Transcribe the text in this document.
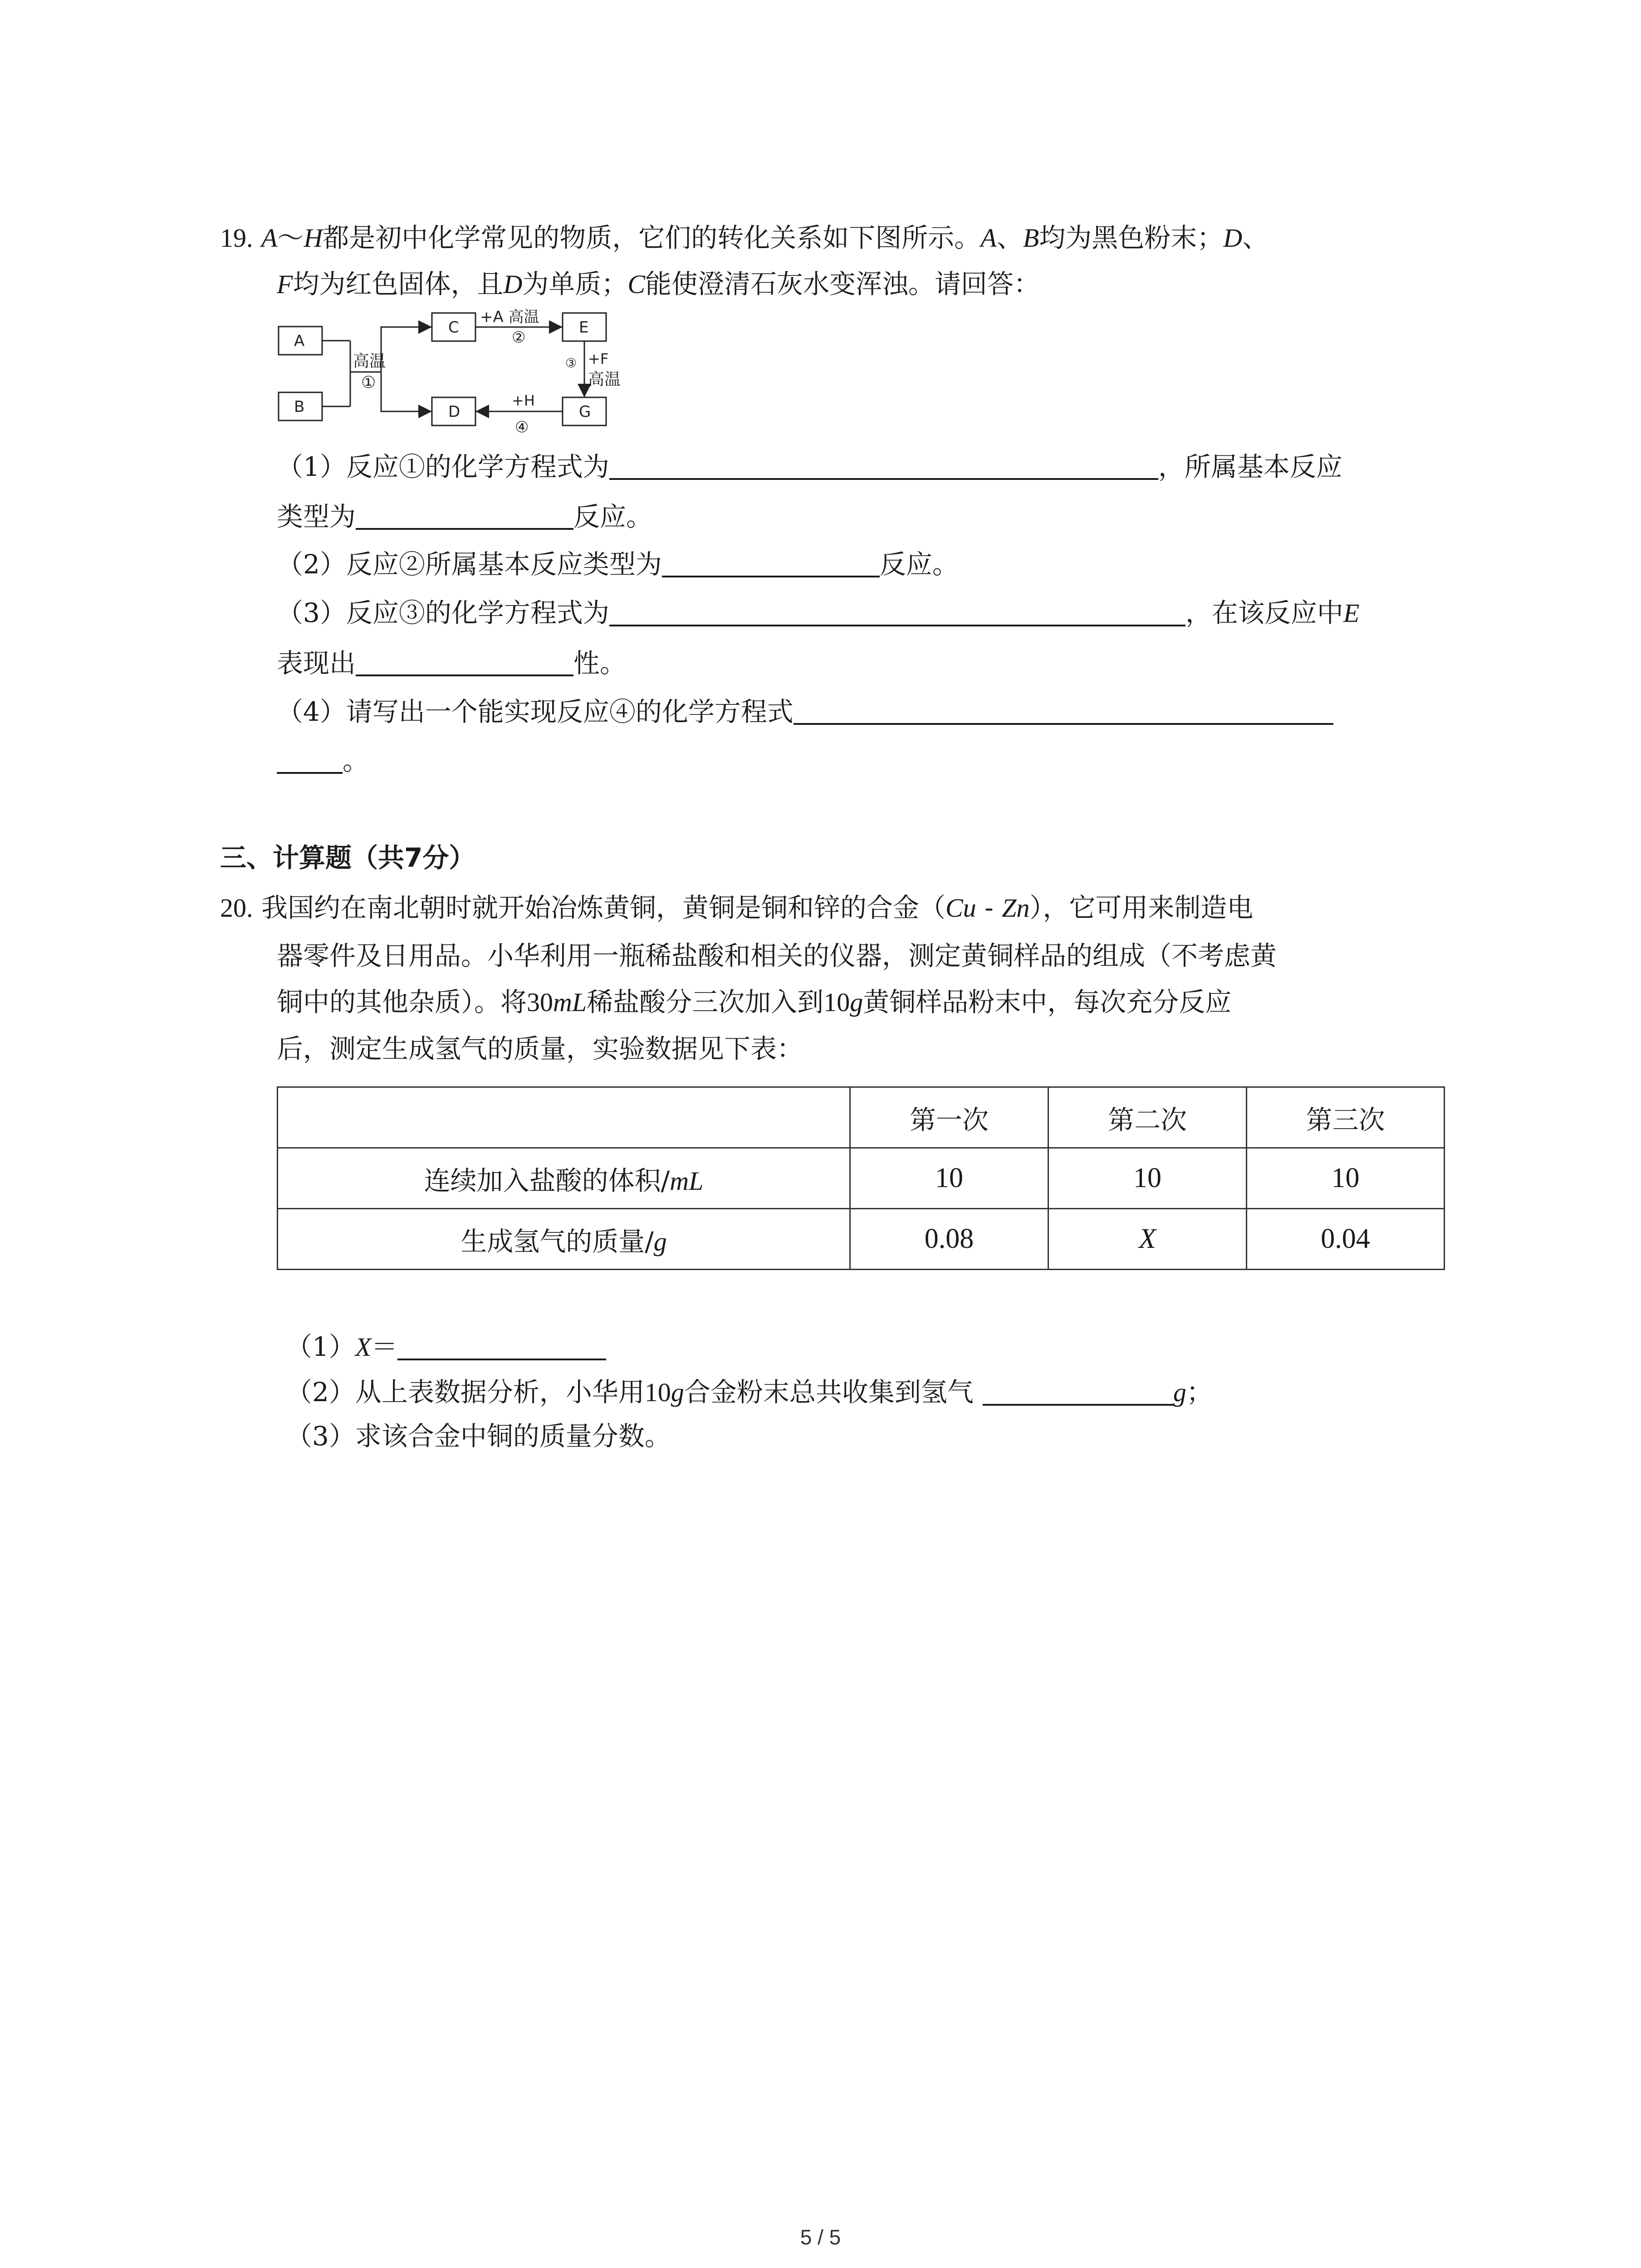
19. A～H都是初中化学常见的物质，它们的转化关系如下图所示。A、B均为黑色粉末；D、
F均为红色固体，且D为单质；C能使澄清石灰水变浑浊。请回答：
A
B
C	E
D	G
高温
①
+A 高温
②
③ +F
高温
+H
④
（1）反应①的化学方程式为	，所属基本反应
类型为	反应。
（2）反应②所属基本反应类型为	反应。
（3）反应③的化学方程式为	，在该反应中E
表现出	性。
（4）请写出一个能实现反应④的化学方程式
。
三、计算题（共7分）
20. 我国约在南北朝时就开始冶炼黄铜，黄铜是铜和锌的合金（Cu - Zn），它可用来制造电
器零件及日用品。小华利用一瓶稀盐酸和相关的仪器，测定黄铜样品的组成（不考虑黄
铜中的其他杂质）。将30mL稀盐酸分三次加入到10g黄铜样品粉末中，每次充分反应
后，测定生成氢气的质量，实验数据见下表：
	第一次	第二次	第三次
连续加入盐酸的体积/mL	10	10	10
生成氢气的质量/g	0.08	X	0.04
（1）X＝
（2）从上表数据分析，小华用10g合金粉末总共收集到氢气	g；
（3）求该合金中铜的质量分数。
5 / 5
